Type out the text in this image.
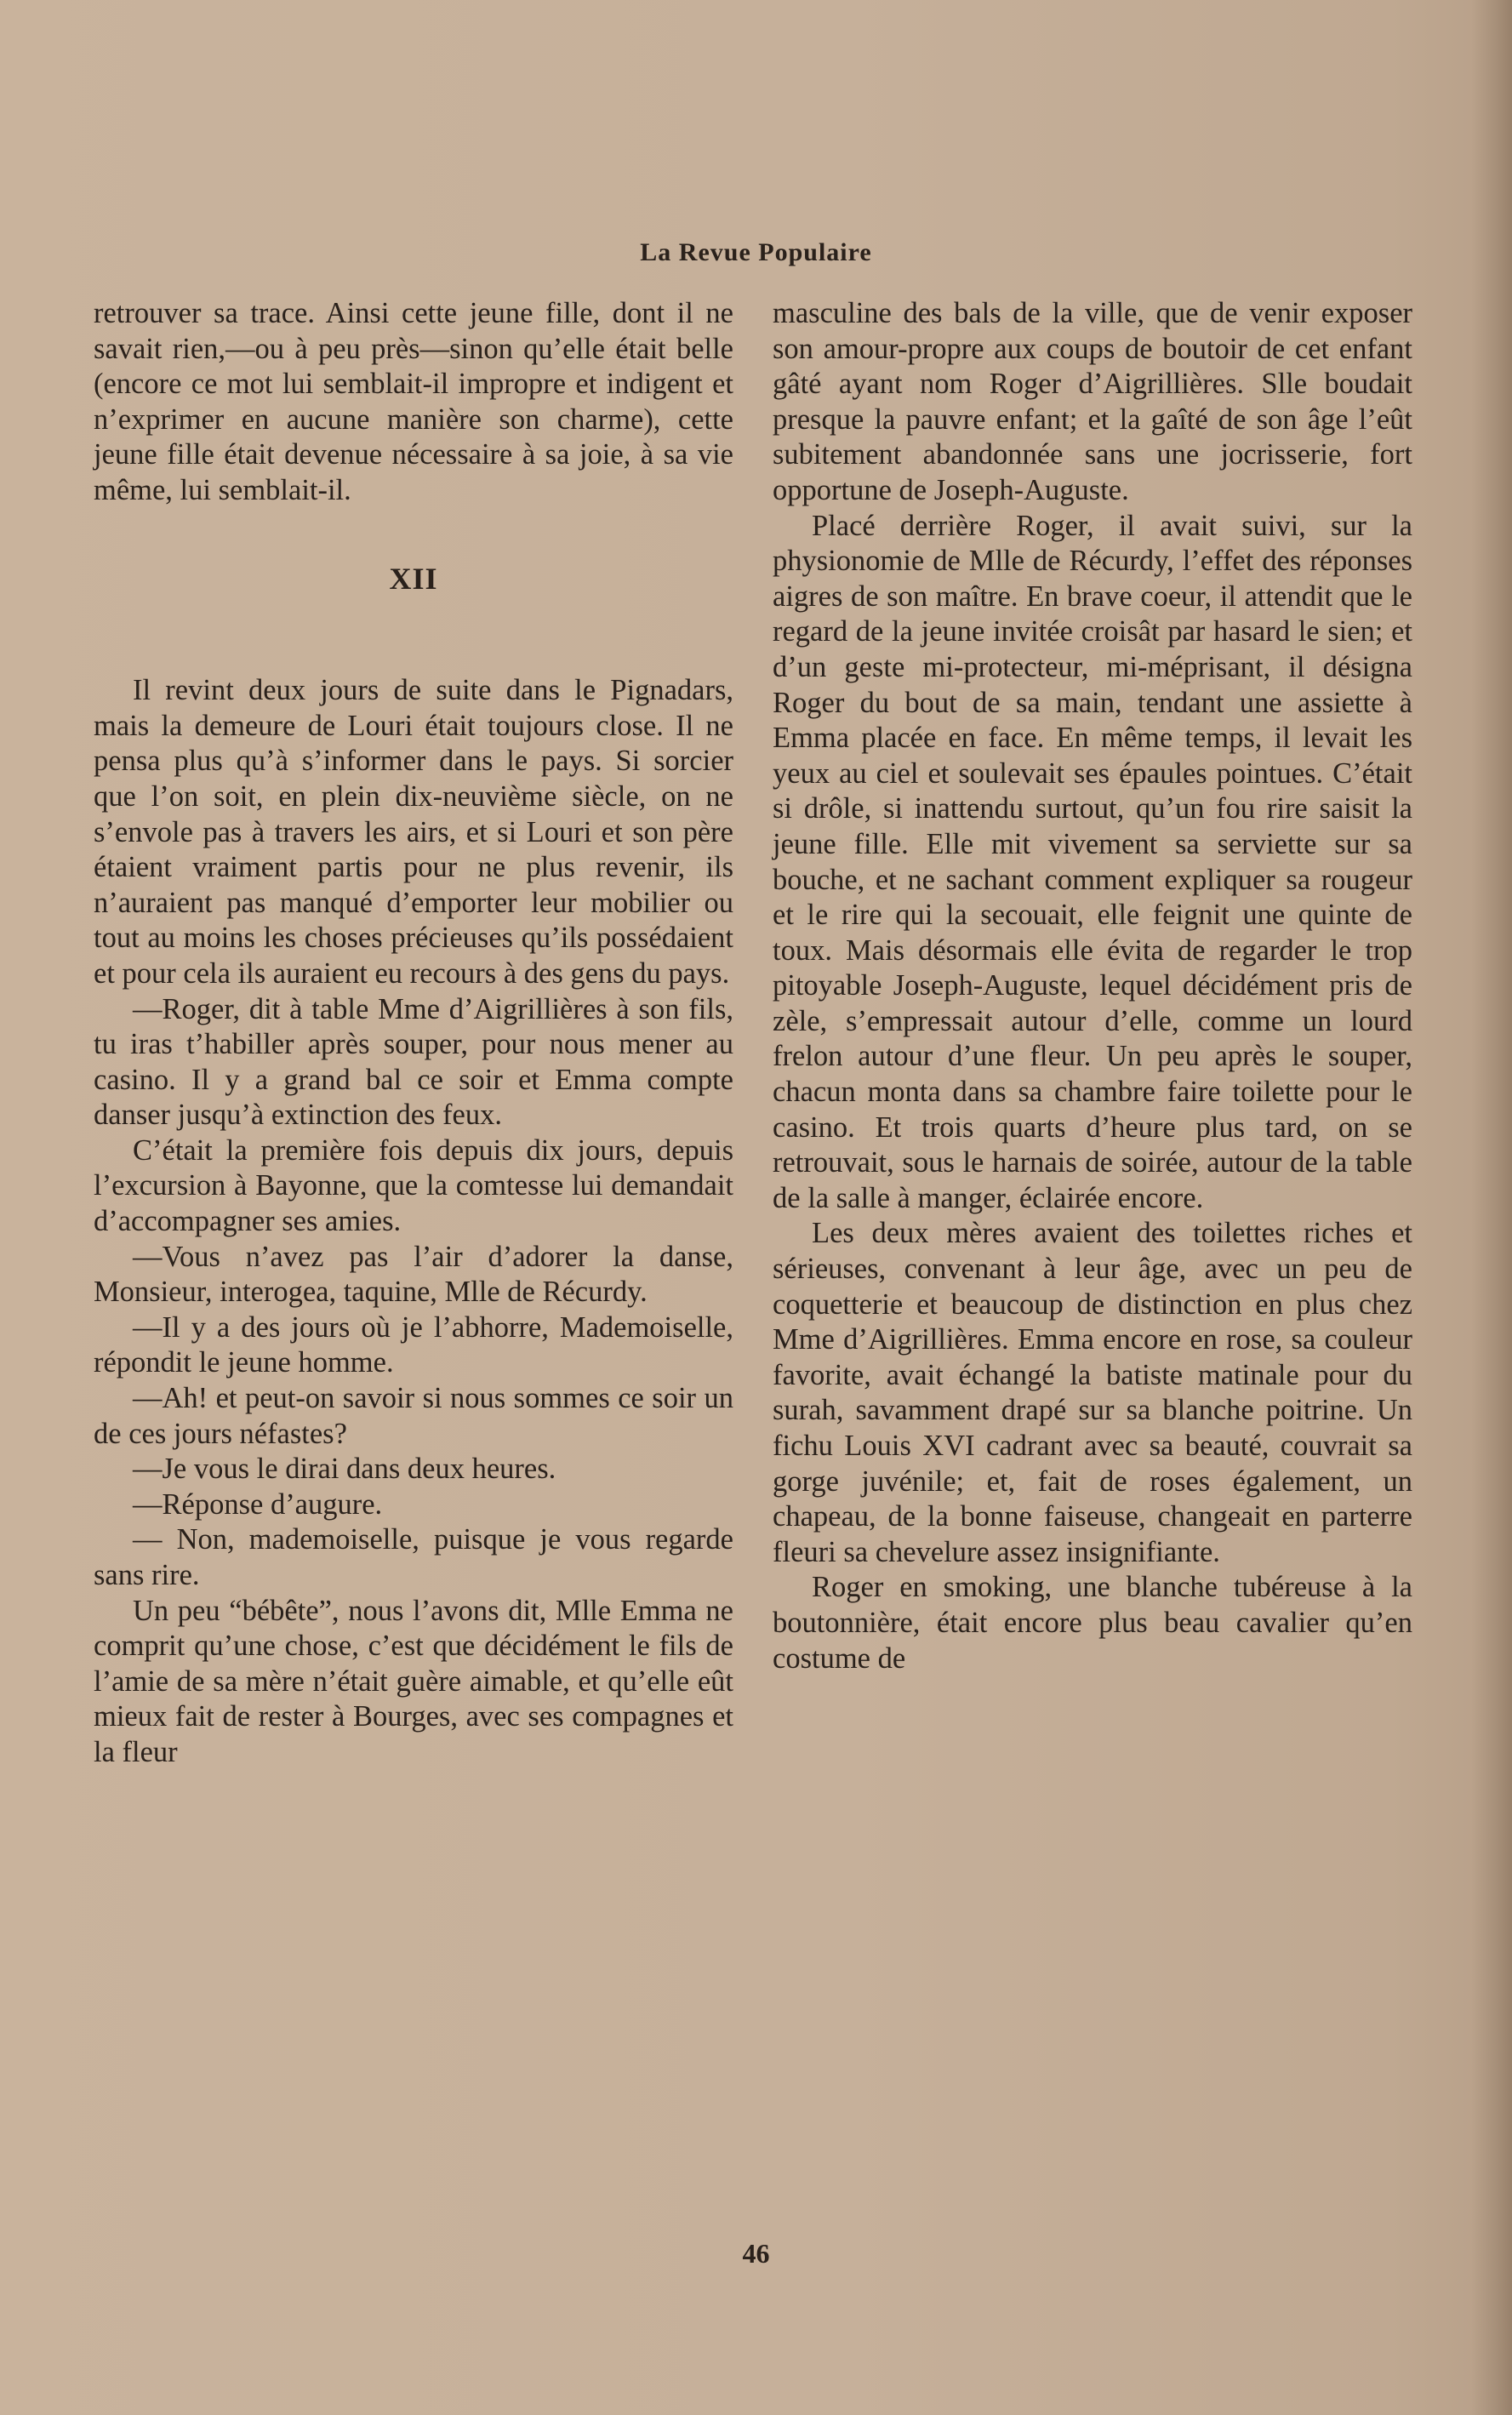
La Revue Populaire

retrouver sa trace. Ainsi cette jeune fille, dont il ne savait rien,—ou à peu près—sinon qu’elle était belle (encore ce mot lui semblait-il impropre et indigent et n’exprimer en aucune manière son charme), cette jeune fille était devenue nécessaire à sa joie, à sa vie même, lui semblait-il.

XII

Il revint deux jours de suite dans le Pignadars, mais la demeure de Louri était toujours close. Il ne pensa plus qu’à s’informer dans le pays. Si sorcier que l’on soit, en plein dix-neuvième siècle, on ne s’envole pas à travers les airs, et si Louri et son père étaient vraiment partis pour ne plus revenir, ils n’auraient pas manqué d’emporter leur mobilier ou tout au moins les choses précieuses qu’ils possédaient et pour cela ils auraient eu recours à des gens du pays.

—Roger, dit à table Mme d’Aigrillières à son fils, tu iras t’habiller après souper, pour nous mener au casino. Il y a grand bal ce soir et Emma compte danser jusqu’à extinction des feux.

C’était la première fois depuis dix jours, depuis l’excursion à Bayonne, que la comtesse lui demandait d’accompagner ses amies.

—Vous n’avez pas l’air d’adorer la danse, Monsieur, interogea, taquine, Mlle de Récurdy.

—Il y a des jours où je l’abhorre, Mademoiselle, répondit le jeune homme.

—Ah! et peut-on savoir si nous sommes ce soir un de ces jours néfastes?

—Je vous le dirai dans deux heures.

—Réponse d’augure.

— Non, mademoiselle, puisque je vous regarde sans rire.

Un peu “bébête”, nous l’avons dit, Mlle Emma ne comprit qu’une chose, c’est que décidément le fils de l’amie de sa mère n’était guère aimable, et qu’elle eût mieux fait de rester à Bourges, avec ses compagnes et la fleur

masculine des bals de la ville, que de venir exposer son amour-propre aux coups de boutoir de cet enfant gâté ayant nom Roger d’Aigrillières. Slle boudait presque la pauvre enfant; et la gaîté de son âge l’eût subitement abandonnée sans une jocrisserie, fort opportune de Joseph-Auguste.

Placé derrière Roger, il avait suivi, sur la physionomie de Mlle de Récurdy, l’effet des réponses aigres de son maître. En brave coeur, il attendit que le regard de la jeune invitée croisât par hasard le sien; et d’un geste mi-protecteur, mi-méprisant, il désigna Roger du bout de sa main, tendant une assiette à Emma placée en face. En même temps, il levait les yeux au ciel et soulevait ses épaules pointues. C’était si drôle, si inattendu surtout, qu’un fou rire saisit la jeune fille. Elle mit vivement sa serviette sur sa bouche, et ne sachant comment expliquer sa rougeur et le rire qui la secouait, elle feignit une quinte de toux. Mais désormais elle évita de regarder le trop pitoyable Joseph-Auguste, lequel décidément pris de zèle, s’empressait autour d’elle, comme un lourd frelon autour d’une fleur. Un peu après le souper, chacun monta dans sa chambre faire toilette pour le casino. Et trois quarts d’heure plus tard, on se retrouvait, sous le harnais de soirée, autour de la table de la salle à manger, éclairée encore.

Les deux mères avaient des toilettes riches et sérieuses, convenant à leur âge, avec un peu de coquetterie et beaucoup de distinction en plus chez Mme d’Aigrillières. Emma encore en rose, sa couleur favorite, avait échangé la batiste matinale pour du surah, savamment drapé sur sa blanche poitrine. Un fichu Louis XVI cadrant avec sa beauté, couvrait sa gorge juvénile; et, fait de roses également, un chapeau, de la bonne faiseuse, changeait en parterre fleuri sa chevelure assez insignifiante.

Roger en smoking, une blanche tubéreuse à la boutonnière, était encore plus beau cavalier qu’en costume de

46
